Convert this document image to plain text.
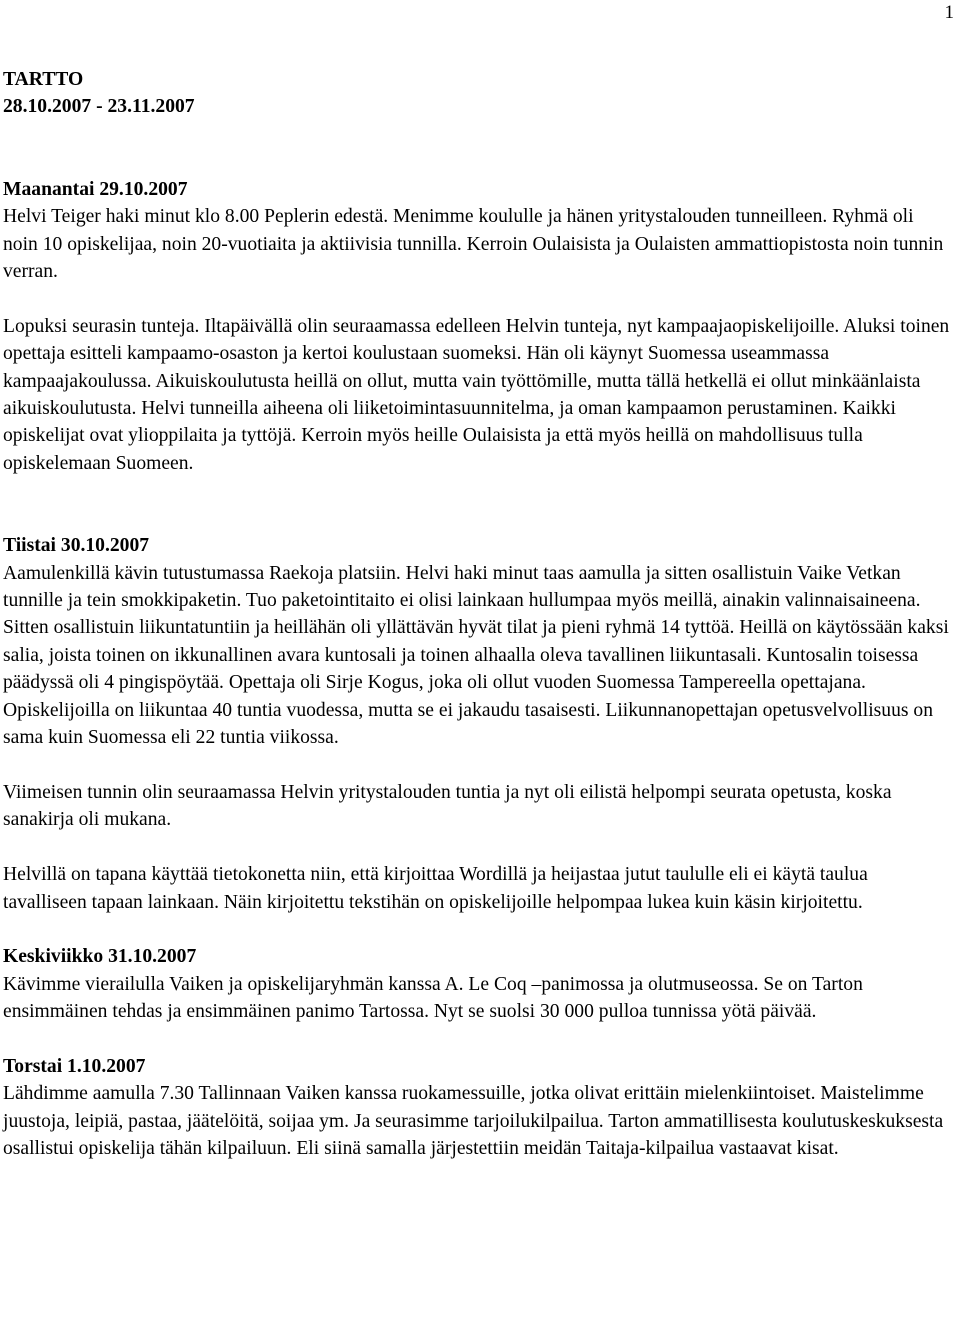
1

TARTTO

28.10.2007 - 23.11.2007

Maanantai 29.10.2007

Helvi Teiger haki minut klo 8.00 Peplerin edestä. Menimme koululle ja hänen yritystalouden tunneilleen. Ryhmä oli noin 10 opiskelijaa, noin 20-vuotiaita ja aktiivisia tunnilla. Kerroin Oulaisista ja Oulaisten ammattiopistosta noin tunnin verran.

Lopuksi seurasin tunteja. Iltapäivällä olin seuraamassa edelleen Helvin tunteja, nyt kampaajaopiskelijoille. Aluksi toinen opettaja esitteli kampaamo-osaston ja kertoi koulustaan suomeksi. Hän oli käynyt Suomessa useammassa kampaajakoulussa. Aikuiskoulutusta heillä on ollut, mutta vain työttömille, mutta tällä hetkellä ei ollut minkäänlaista aikuiskoulutusta. Helvi tunneilla aiheena oli liiketoimintasuunnitelma, ja oman kampaamon perustaminen. Kaikki opiskelijat ovat ylioppilaita ja tyttöjä. Kerroin myös heille Oulaisista ja että myös heillä on mahdollisuus tulla opiskelemaan Suomeen.

Tiistai 30.10.2007

Aamulenkillä kävin tutustumassa Raekoja platsiin. Helvi haki minut taas aamulla ja sitten osallistuin Vaike Vetkan tunnille ja tein smokkipaketin. Tuo paketointitaito ei olisi lainkaan hullumpaa myös meillä, ainakin valinnaisaineena. Sitten osallistuin liikuntatuntiin ja heillähän oli yllättävän hyvät tilat ja pieni ryhmä 14 tyttöä. Heillä on käytössään kaksi salia, joista toinen on ikkunallinen avara kuntosali ja toinen alhaalla oleva tavallinen liikuntasali. Kuntosalin toisessa päädyssä oli 4 pingispöytää. Opettaja oli Sirje Kogus, joka oli ollut vuoden Suomessa Tampereella opettajana.

Opiskelijoilla on liikuntaa 40 tuntia vuodessa, mutta se ei jakaudu tasaisesti. Liikunnanopettajan opetusvelvollisuus on sama kuin Suomessa eli 22 tuntia viikossa.

Viimeisen tunnin olin seuraamassa Helvin yritystalouden tuntia ja nyt oli eilistä helpompi seurata opetusta, koska sanakirja oli mukana.

Helvillä on tapana käyttää tietokonetta niin, että kirjoittaa Wordillä ja heijastaa jutut taululle eli ei käytä taulua tavalliseen tapaan lainkaan. Näin kirjoitettu tekstihän on opiskelijoille helpompaa lukea kuin käsin kirjoitettu.

Keskiviikko 31.10.2007

Kävimme vierailulla Vaiken ja opiskelijaryhmän kanssa A. Le Coq –panimossa ja olutmuseossa. Se on Tarton ensimmäinen tehdas ja ensimmäinen panimo Tartossa. Nyt se suolsi 30 000 pulloa tunnissa yötä päivää.

Torstai 1.10.2007

Lähdimme aamulla 7.30 Tallinnaan Vaiken kanssa ruokamessuille, jotka olivat erittäin mielenkiintoiset. Maistelimme juustoja, leipiä, pastaa, jäätelöitä, soijaa ym. Ja seurasimme tarjoilukilpailua. Tarton ammatillisesta koulutuskeskuksesta osallistui opiskelija tähän kilpailuun. Eli siinä samalla järjestettiin meidän Taitaja-kilpailua vastaavat kisat.
